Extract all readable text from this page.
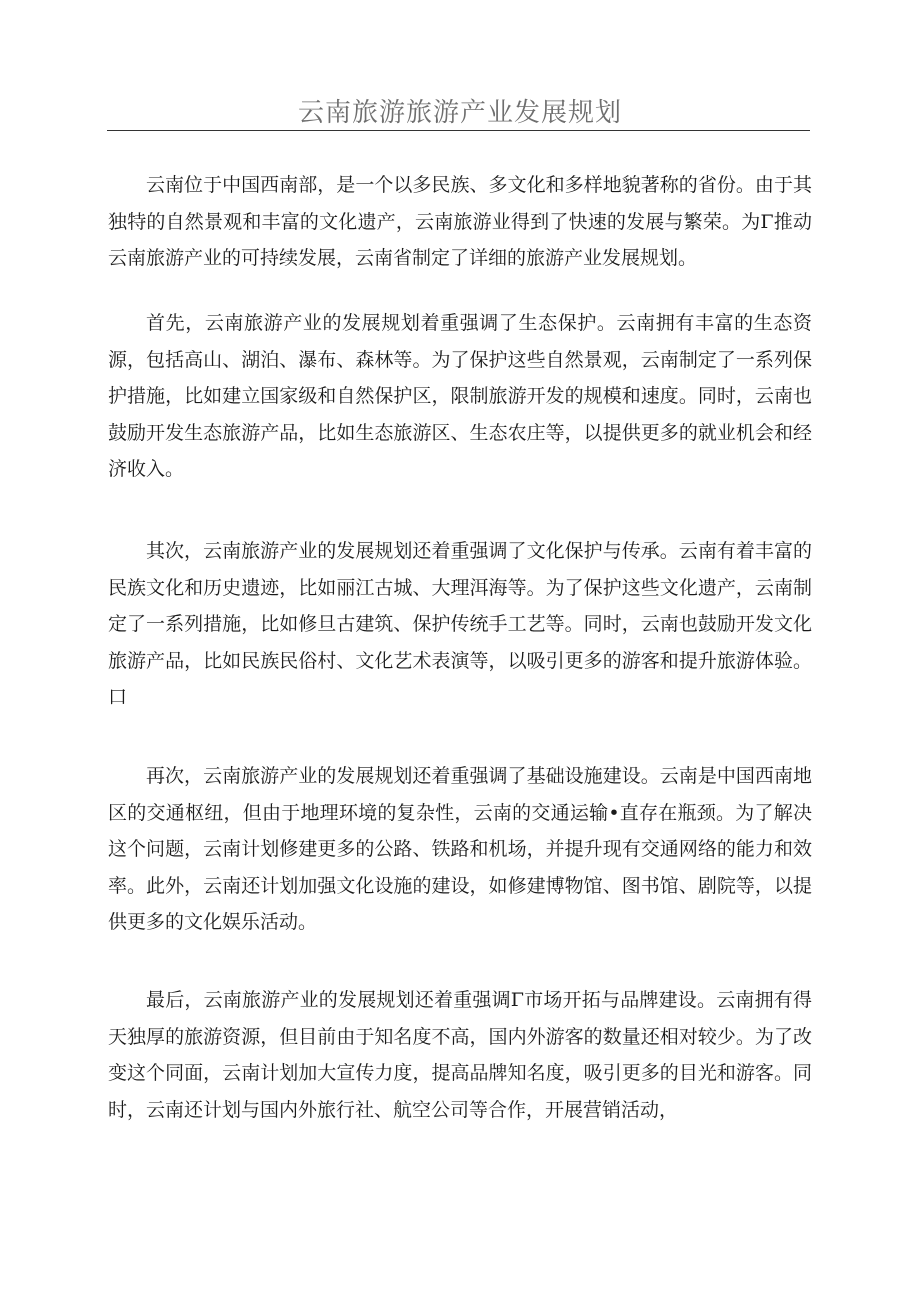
云南旅游旅游产业发展规划

云南位于中国西南部，是一个以多民族、多文化和多样地貌著称的省份。由于其独特的自然景观和丰富的文化遗产，云南旅游业得到了快速的发展与繁荣。为Γ推动云南旅游产业的可持续发展，云南省制定了详细的旅游产业发展规划。

首先，云南旅游产业的发展规划着重强调了生态保护。云南拥有丰富的生态资源，包括高山、湖泊、瀑布、森林等。为了保护这些自然景观，云南制定了一系列保护措施，比如建立国家级和自然保护区，限制旅游开发的规模和速度。同时，云南也鼓励开发生态旅游产品，比如生态旅游区、生态农庄等，以提供更多的就业机会和经济收入。

其次，云南旅游产业的发展规划还着重强调了文化保护与传承。云南有着丰富的民族文化和历史遗迹，比如丽江古城、大理洱海等。为了保护这些文化遗产，云南制定了一系列措施，比如修旦古建筑、保护传统手工艺等。同时，云南也鼓励开发文化旅游产品，比如民族民俗村、文化艺术表演等，以吸引更多的游客和提升旅游体验。口

再次，云南旅游产业的发展规划还着重强调了基础设施建设。云南是中国西南地区的交通枢纽，但由于地理环境的复杂性，云南的交通运输•直存在瓶颈。为了解决这个问题，云南计划修建更多的公路、铁路和机场，并提升现有交通网络的能力和效率。此外，云南还计划加强文化设施的建设，如修建博物馆、图书馆、剧院等，以提供更多的文化娱乐活动。

最后，云南旅游产业的发展规划还着重强调Γ市场开拓与品牌建设。云南拥有得天独厚的旅游资源，但目前由于知名度不高，国内外游客的数量还相对较少。为了改变这个同面，云南计划加大宣传力度，提高品牌知名度，吸引更多的目光和游客。同时，云南还计划与国内外旅行社、航空公司等合作，开展营销活动，
